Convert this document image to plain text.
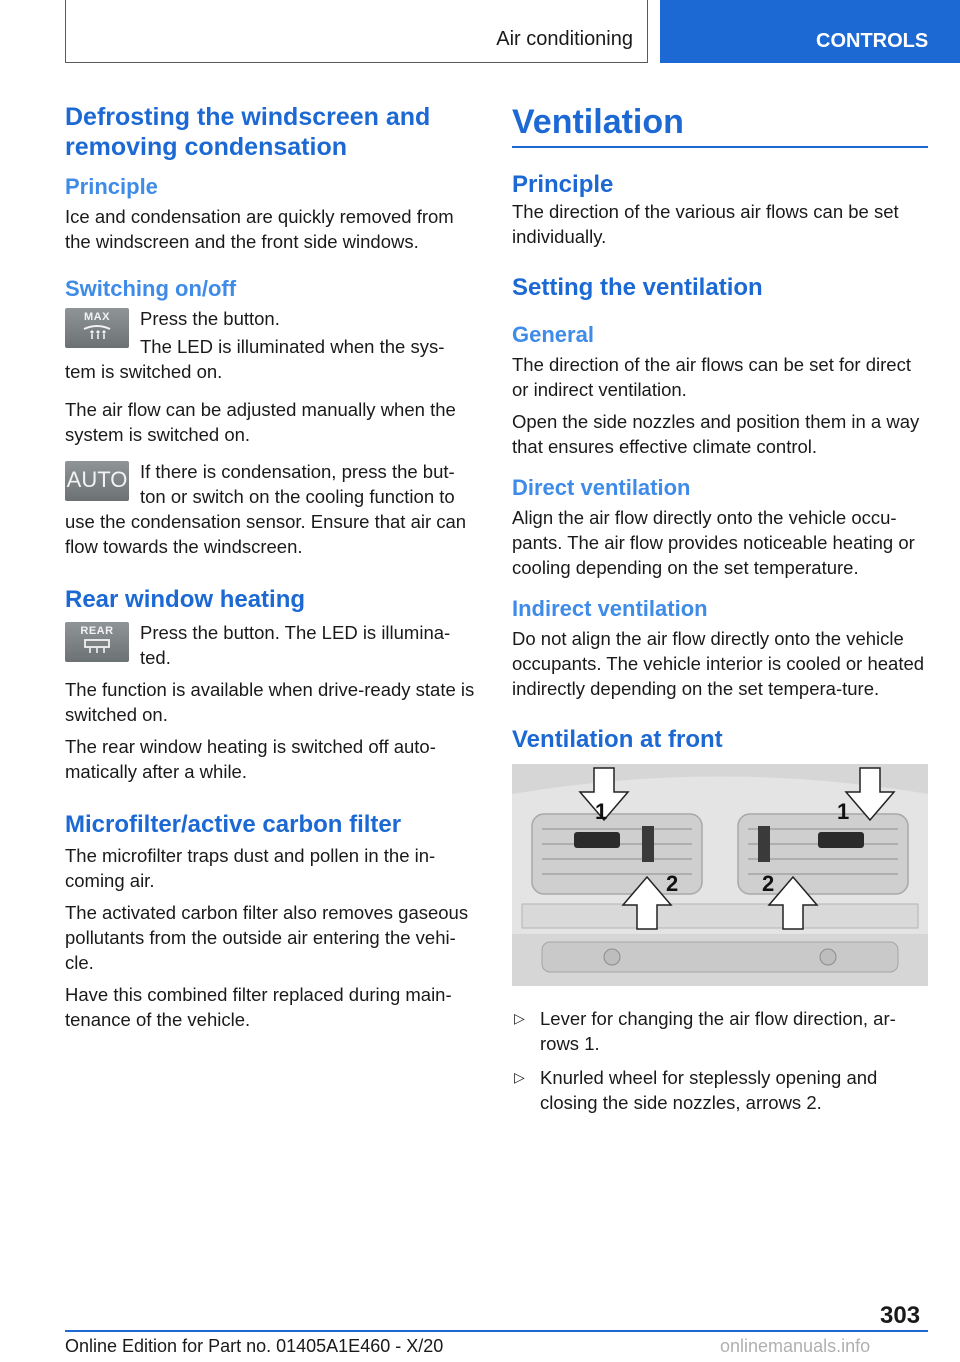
Air conditioning	CONTROLS
Defrosting the windscreen and removing condensation
Principle

Ice and condensation are quickly removed from the windscreen and the front side windows.

Switching on/off
MAX	Press the button.

The LED is illuminated when the sys‐

tem is switched on.

The air flow can be adjusted manually when the system is switched on.

AUTO If there is condensation, press the but‐

ton or switch on the cooling function to

use the condensation sensor. Ensure that air can flow towards the windscreen.

Rear window heating
REAR	Press the button. The LED is illumina‐

ted.

The function is available when drive-ready state is switched on.

The rear window heating is switched off auto‐matically after a while.

Microfilter/active carbon filter

The microfilter traps dust and pollen in the in‐coming air.

The activated carbon filter also removes gaseous pollutants from the outside air entering the vehi‐cle.

Have this combined filter replaced during main‐tenance of the vehicle.

Ventilation
Principle

The direction of the various air flows can be set individually.

Setting the ventilation
General

The direction of the air flows can be set for direct or indirect ventilation.

Open the side nozzles and position them in a way that ensures effective climate control.

Direct ventilation

Align the air flow directly onto the vehicle occu‐pants. The air flow provides noticeable heating or cooling depending on the set temperature.

Indirect ventilation

Do not align the air flow directly onto the vehicle occupants. The vehicle interior is cooled or heated indirectly depending on the set tempera‐ture.

Ventilation at front
1	1
2	2
▷ Lever for changing the air flow direction, ar‐rows 1.
▷ Knurled wheel for steplessly opening and closing the side nozzles, arrows 2.
303
Online Edition for Part no. 01405A1E460 - X/20	onlinemanuals.info
